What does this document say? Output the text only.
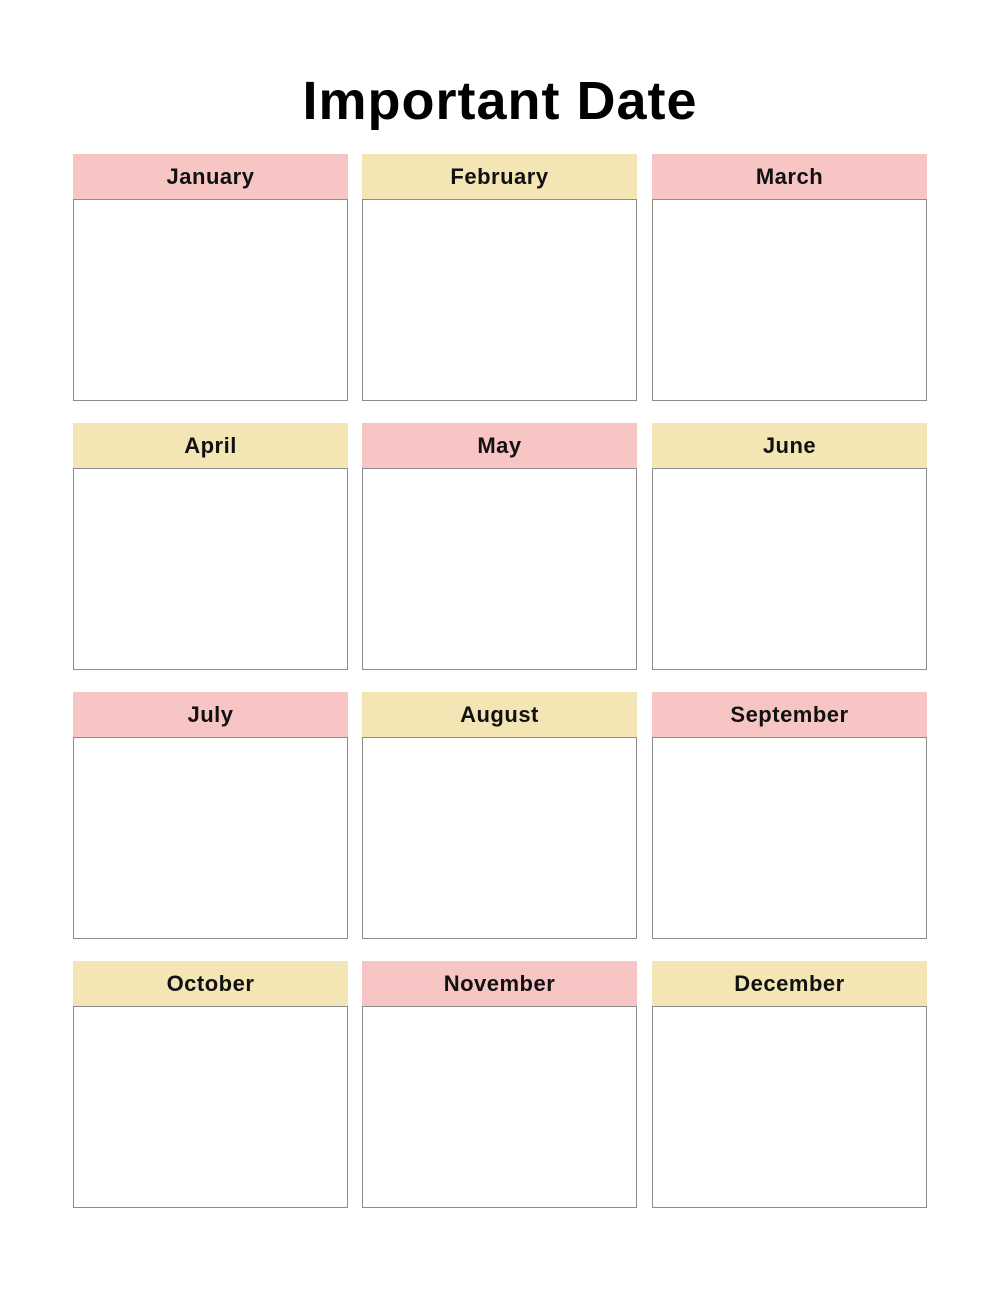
Important Date
January	February	March
April	May	June
July	August	September
October	November	December
